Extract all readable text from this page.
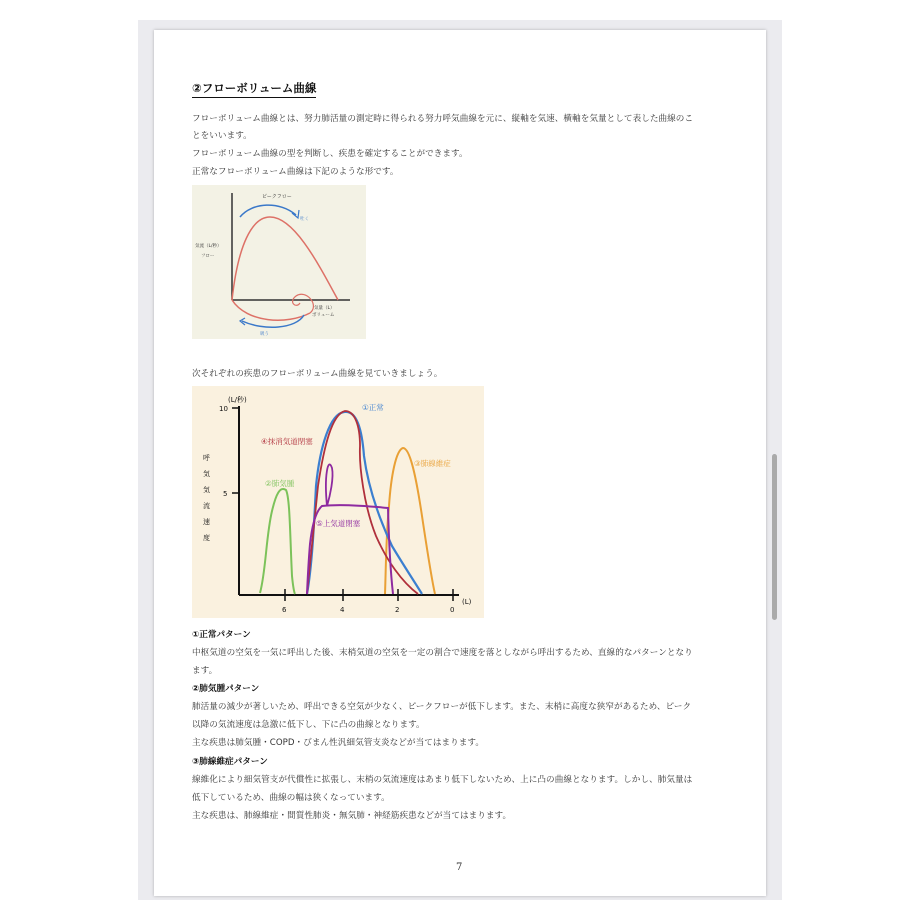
②フローボリューム曲線
フローボリューム曲線とは、努力肺活量の測定時に得られる努力呼気曲線を元に、縦軸を気速、横軸を気量として表した曲線のこ
とをいいます。
フローボリューム曲線の型を判断し、疾患を確定することができます。
正常なフローボリューム曲線は下記のような形です。
ピークフロー
吐く
気流（L/秒）
フロー
気量（L）
ボリューム
吸う
次それぞれの疾患のフローボリューム曲線を見ていきましょう。
10
5
6	4	2	0
(L/秒)
(L)
呼
気
気
流
速
度
①正常
④抹消気道閉塞
③肺線維症
②肺気腫
⑤上気道閉塞
①正常パターン
中枢気道の空気を一気に呼出した後、末梢気道の空気を一定の割合で速度を落としながら呼出するため、直線的なパターンとなり
ます。
②肺気腫パターン
肺活量の減少が著しいため、呼出できる空気が少なく、ピークフローが低下します。また、末梢に高度な狭窄があるため、ピーク
以降の気流速度は急激に低下し、下に凸の曲線となります。
主な疾患は肺気腫・COPD・びまん性汎細気管支炎などが当てはまります。
③肺線維症パターン
線維化により細気管支が代償性に拡張し、末梢の気流速度はあまり低下しないため、上に凸の曲線となります。しかし、肺気量は
低下しているため、曲線の幅は狭くなっています。
主な疾患は、肺線維症・間質性肺炎・無気肺・神経筋疾患などが当てはまります。
7
